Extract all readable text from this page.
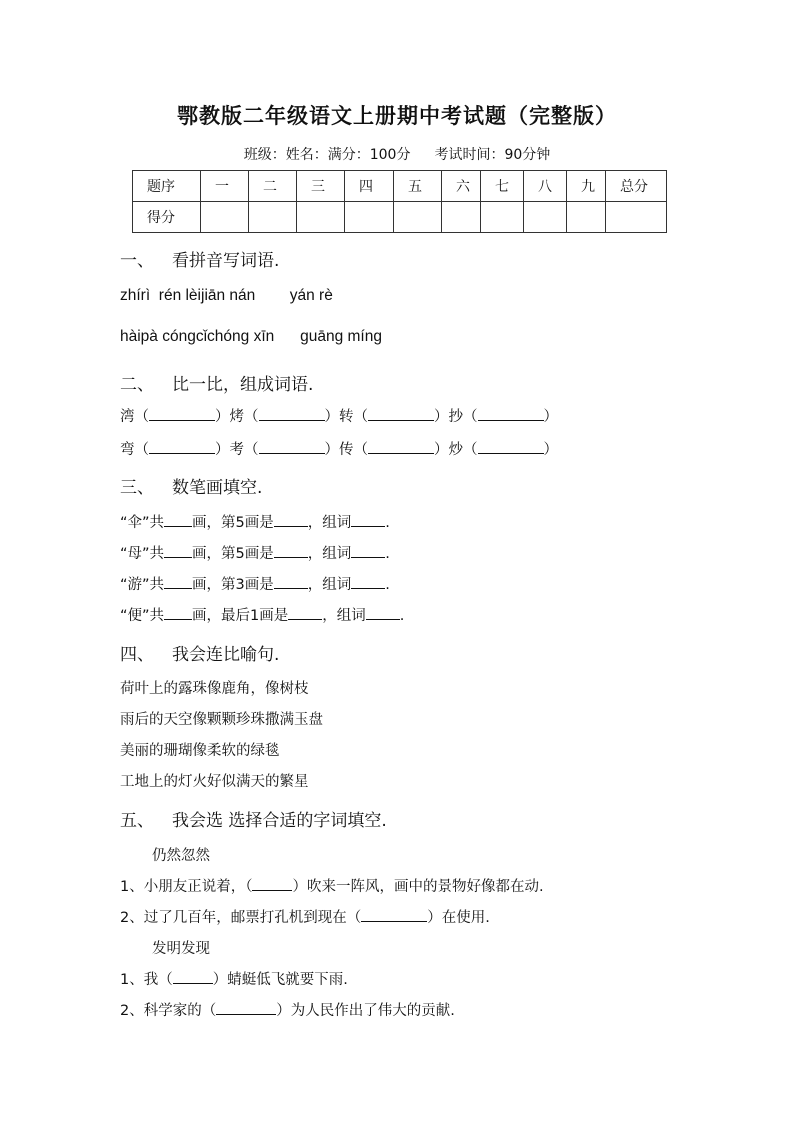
鄂教版二年级语文上册期中考试题（完整版）
班级：姓名：满分：100分 考试时间：90分钟
题序	一	二	三	四	五	六	七	八	九	总分
得分										
一、 看拼音写词语.
zhírì rén lèijiān nán yán rè
hàipà cóngcǐchóng xīn guāng míng
二、 比一比，组成词语.
湾（	）烤（	）转（	）抄（	）
弯（	）考（	）传（	）炒（	）
三、 数笔画填空.
“伞”共 画，第5画是 ，组词 .
“母”共 画，第5画是 ，组词 .
“游”共 画，第3画是 ，组词 .
“便”共 画，最后1画是 ，组词 .
四、 我会连比喻句.
荷叶上的露珠像鹿角，像树枝
雨后的天空像颗颗珍珠撒满玉盘
美丽的珊瑚像柔软的绿毯
工地上的灯火好似满天的繁星
五、 我会选 选择合适的字词填空.
仍然忽然
1、小朋友正说着，（	）吹来一阵风，画中的景物好像都在动.
2、过了几百年，邮票打孔机到现在（	）在使用.
发明发现
1、我（	）蜻蜓低飞就要下雨.
2、科学家的（	）为人民作出了伟大的贡献.
